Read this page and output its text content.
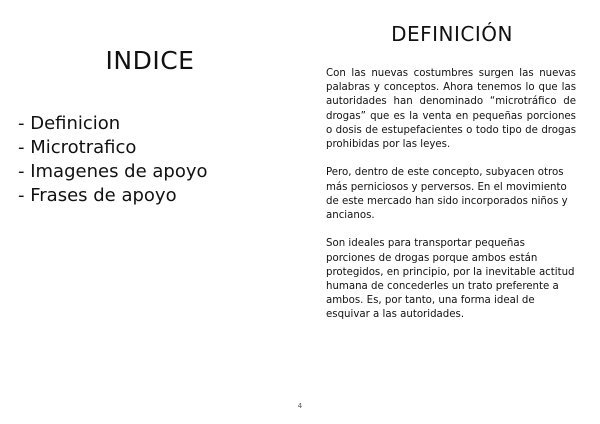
INDICE
- Definicion
- Microtrafico
- Imagenes de apoyo
- Frases de apoyo
DEFINICIÓN

Con las nuevas costumbres surgen las nuevas palabras y conceptos. Ahora tenemos lo que las autoridades han denominado “microtráfico de drogas” que es la venta en pequeñas porciones o dosis de estupefacientes o todo tipo de drogas prohibidas por las leyes.

Pero, dentro de este concepto, subyacen otros más perniciosos y perversos. En el movimiento de este mercado han sido incorporados niños y ancianos.

Son ideales para transportar pequeñas porciones de drogas porque ambos están protegidos, en principio, por la inevitable actitud humana de concederles un trato preferente a ambos. Es, por tanto, una forma ideal de esquivar a las autoridades.

4
